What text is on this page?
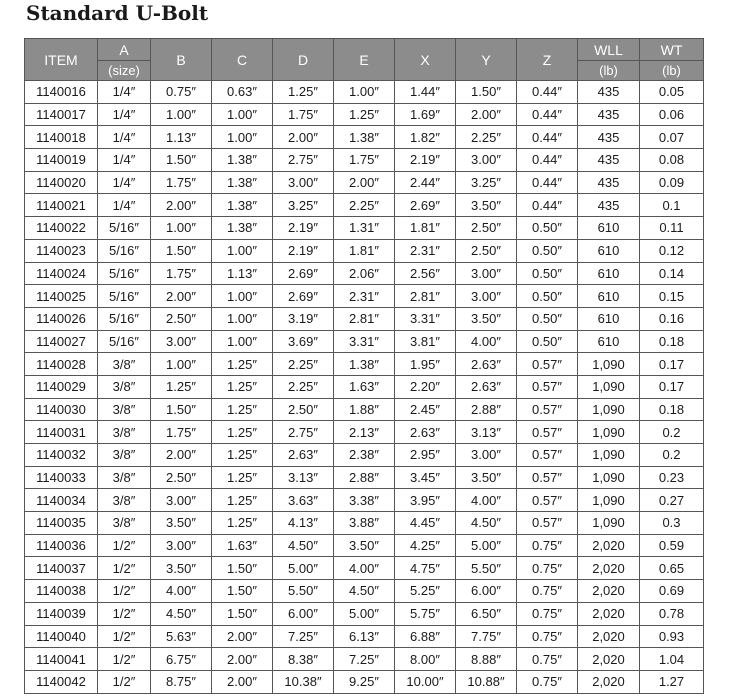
Standard U-Bolt
ITEM	A	B	C	D	E	X	Y	Z	WLL	WT
	(size)								(lb)	(lb)
1140016	1/4″	0.75″	0.63″	1.25″	1.00″	1.44″	1.50″	0.44″	435	0.05
1140017	1/4″	1.00″	1.00″	1.75″	1.25″	1.69″	2.00″	0.44″	435	0.06
1140018	1/4″	1.13″	1.00″	2.00″	1.38″	1.82″	2.25″	0.44″	435	0.07
1140019	1/4″	1.50″	1.38″	2.75″	1.75″	2.19″	3.00″	0.44″	435	0.08
1140020	1/4″	1.75″	1.38″	3.00″	2.00″	2.44″	3.25″	0.44″	435	0.09
1140021	1/4″	2.00″	1.38″	3.25″	2.25″	2.69″	3.50″	0.44″	435	0.1
1140022	5/16″	1.00″	1.38″	2.19″	1.31″	1.81″	2.50″	0.50″	610	0.11
1140023	5/16″	1.50″	1.00″	2.19″	1.81″	2.31″	2.50″	0.50″	610	0.12
1140024	5/16″	1.75″	1.13″	2.69″	2.06″	2.56″	3.00″	0.50″	610	0.14
1140025	5/16″	2.00″	1.00″	2.69″	2.31″	2.81″	3.00″	0.50″	610	0.15
1140026	5/16″	2.50″	1.00″	3.19″	2.81″	3.31″	3.50″	0.50″	610	0.16
1140027	5/16″	3.00″	1.00″	3.69″	3.31″	3.81″	4.00″	0.50″	610	0.18
1140028	3/8″	1.00″	1.25″	2.25″	1.38″	1.95″	2.63″	0.57″	1,090	0.17
1140029	3/8″	1.25″	1.25″	2.25″	1.63″	2.20″	2.63″	0.57″	1,090	0.17
1140030	3/8″	1.50″	1.25″	2.50″	1.88″	2.45″	2.88″	0.57″	1,090	0.18
1140031	3/8″	1.75″	1.25″	2.75″	2.13″	2.63″	3.13″	0.57″	1,090	0.2
1140032	3/8″	2.00″	1.25″	2.63″	2.38″	2.95″	3.00″	0.57″	1,090	0.2
1140033	3/8″	2.50″	1.25″	3.13″	2.88″	3.45″	3.50″	0.57″	1,090	0.23
1140034	3/8″	3.00″	1.25″	3.63″	3.38″	3.95″	4.00″	0.57″	1,090	0.27
1140035	3/8″	3.50″	1.25″	4.13″	3.88″	4.45″	4.50″	0.57″	1,090	0.3
1140036	1/2″	3.00″	1.63″	4.50″	3.50″	4.25″	5.00″	0.75″	2,020	0.59
1140037	1/2″	3.50″	1.50″	5.00″	4.00″	4.75″	5.50″	0.75″	2,020	0.65
1140038	1/2″	4.00″	1.50″	5.50″	4.50″	5.25″	6.00″	0.75″	2,020	0.69
1140039	1/2″	4.50″	1.50″	6.00″	5.00″	5.75″	6.50″	0.75″	2,020	0.78
1140040	1/2″	5.63″	2.00″	7.25″	6.13″	6.88″	7.75″	0.75″	2,020	0.93
1140041	1/2″	6.75″	2.00″	8.38″	7.25″	8.00″	8.88″	0.75″	2,020	1.04
1140042	1/2″	8.75″	2.00″	10.38″	9.25″	10.00″	10.88″	0.75″	2,020	1.27
